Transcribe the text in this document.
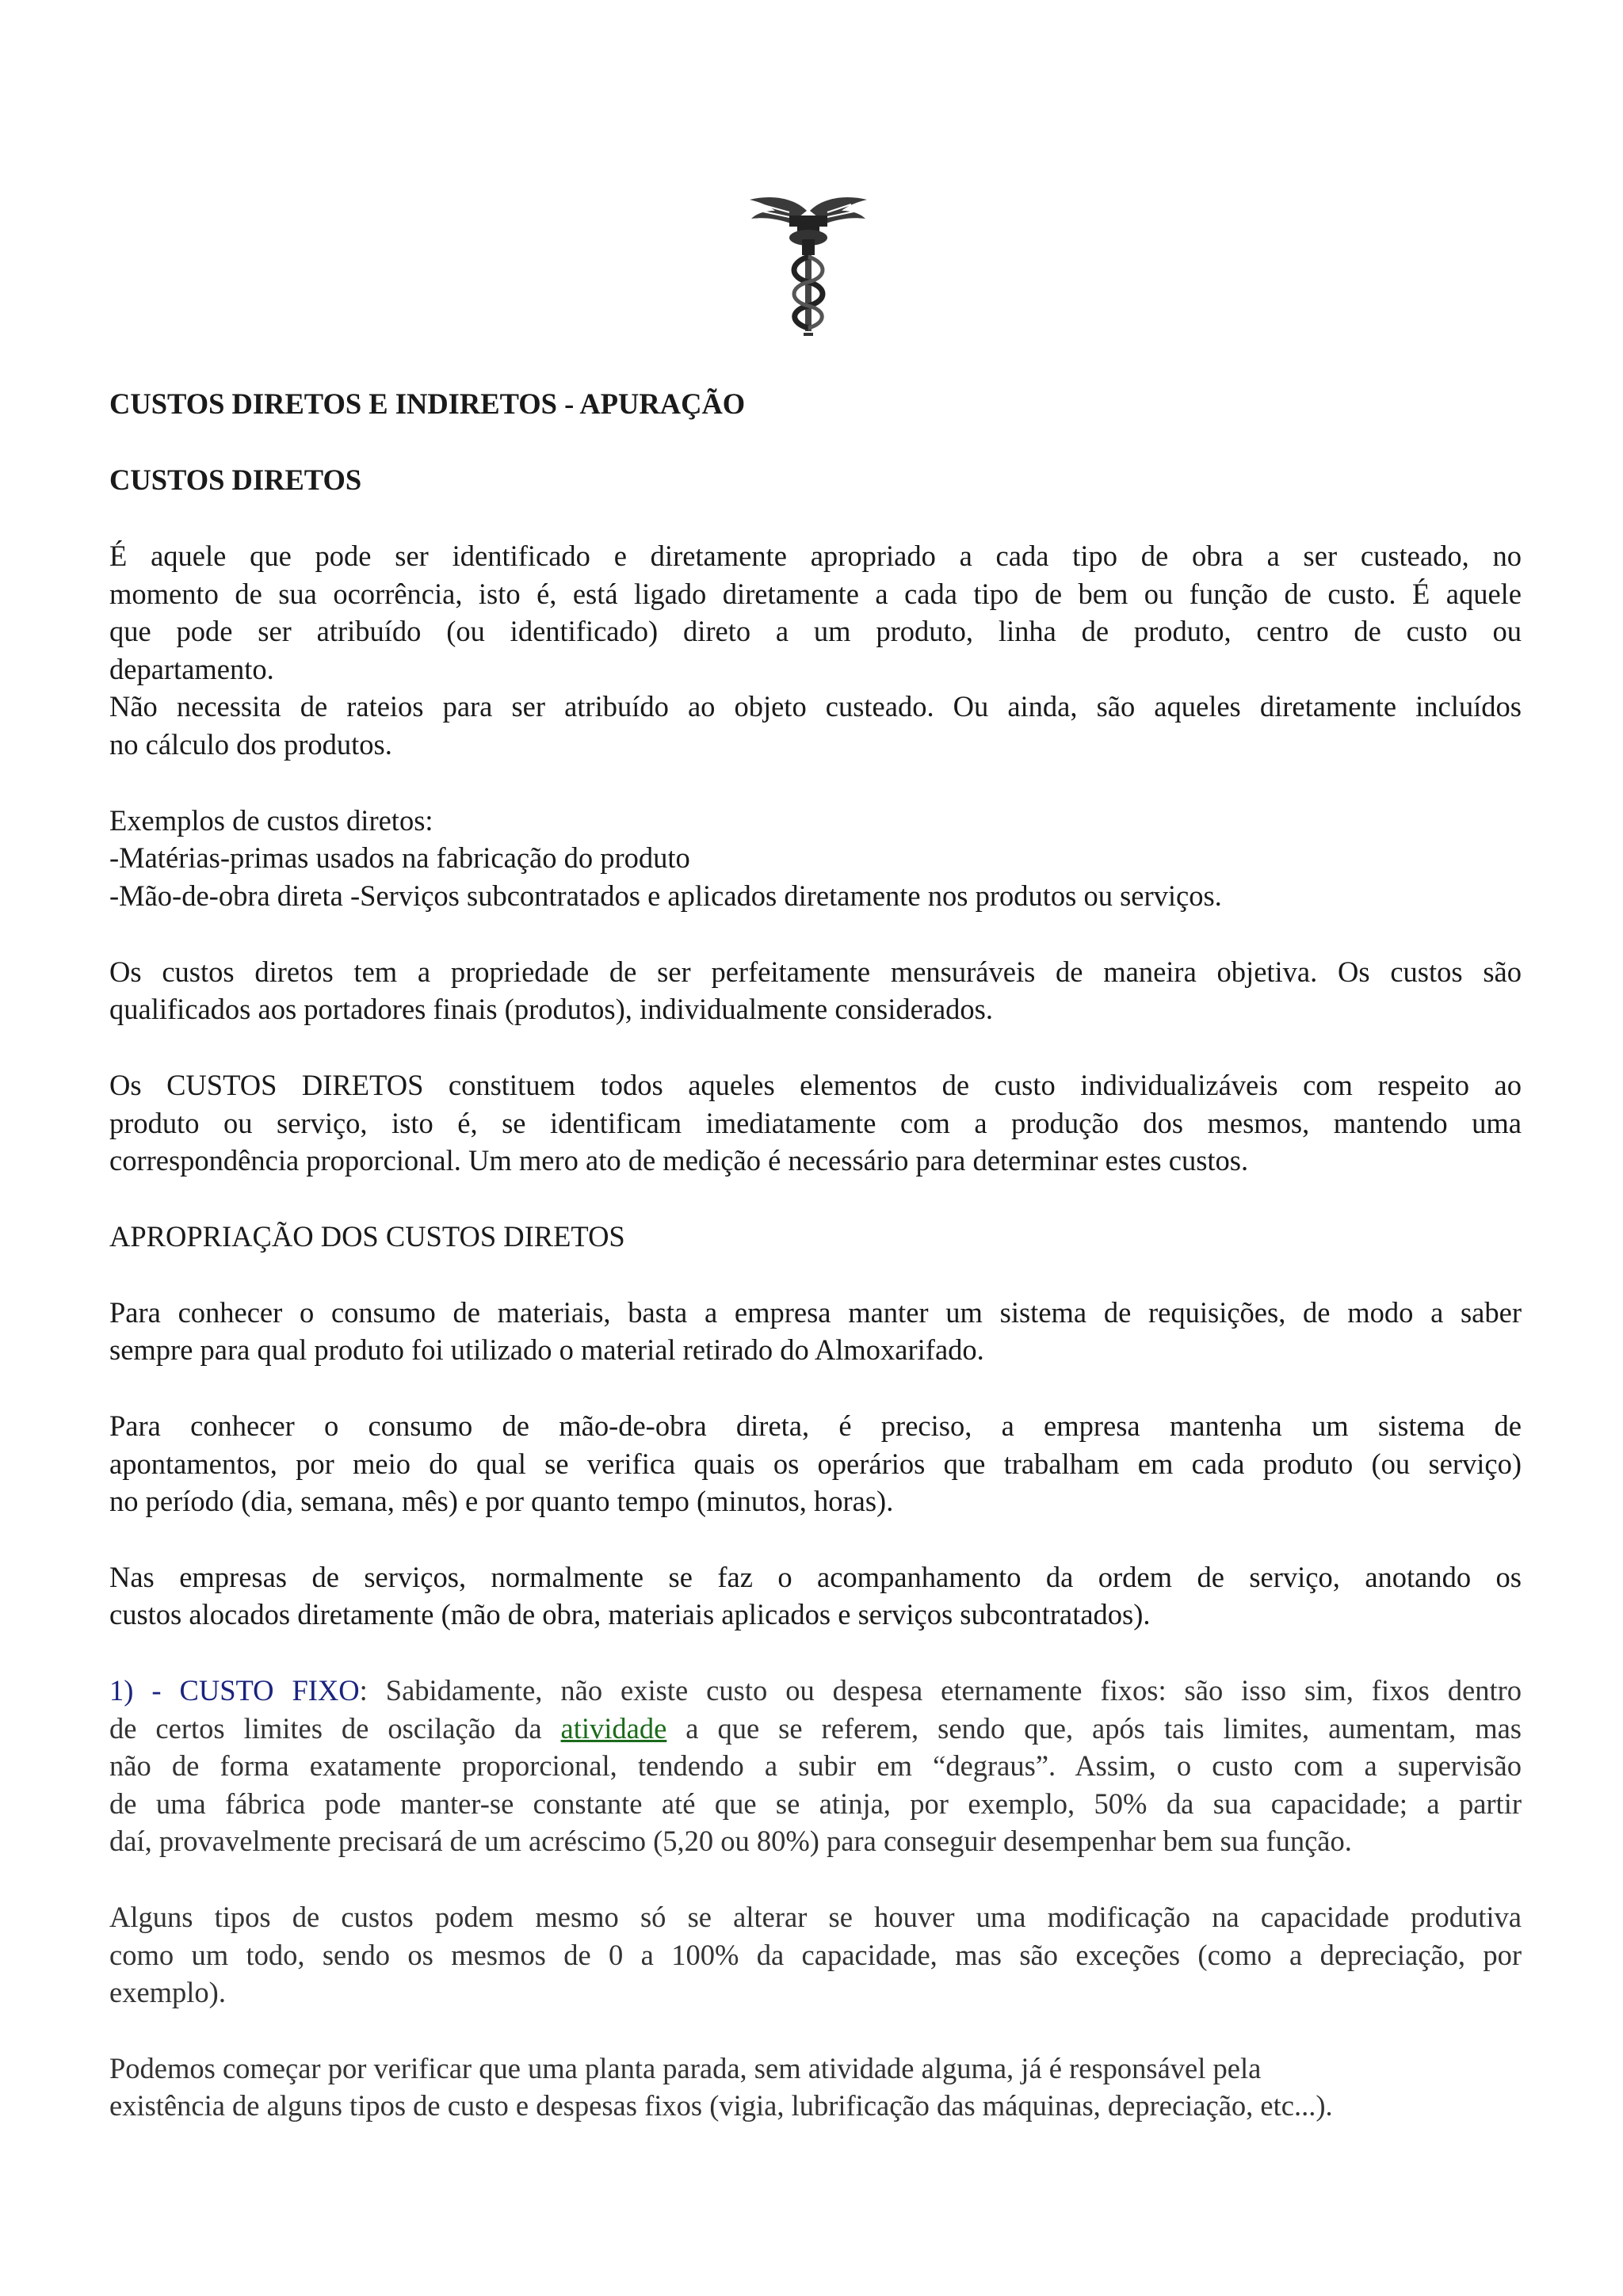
CUSTOS DIRETOS E INDIRETOS - APURAÇÃO

CUSTOS DIRETOS

É aquele que pode ser identificado e diretamente apropriado a cada tipo de obra a ser custeado, no

momento de sua ocorrência, isto é, está ligado diretamente a cada tipo de bem ou função de custo. É aquele

que pode ser atribuído (ou identificado) direto a um produto, linha de produto, centro de custo ou

departamento.

Não necessita de rateios para ser atribuído ao objeto custeado. Ou ainda, são aqueles diretamente incluídos

no cálculo dos produtos.

Exemplos de custos diretos:

-Matérias-primas usados na fabricação do produto

-Mão-de-obra direta -Serviços subcontratados e aplicados diretamente nos produtos ou serviços.

Os custos diretos tem a propriedade de ser perfeitamente mensuráveis de maneira objetiva. Os custos são

qualificados aos portadores finais (produtos), individualmente considerados.

Os CUSTOS DIRETOS constituem todos aqueles elementos de custo individualizáveis com respeito ao

produto ou serviço, isto é, se identificam imediatamente com a produção dos mesmos, mantendo uma

correspondência proporcional. Um mero ato de medição é necessário para determinar estes custos.

APROPRIAÇÃO DOS CUSTOS DIRETOS

Para conhecer o consumo de materiais, basta a empresa manter um sistema de requisições, de modo a saber

sempre para qual produto foi utilizado o material retirado do Almoxarifado.

Para conhecer o consumo de mão-de-obra direta, é preciso, a empresa mantenha um sistema de

apontamentos, por meio do qual se verifica quais os operários que trabalham em cada produto (ou serviço)

no período (dia, semana, mês) e por quanto tempo (minutos, horas).

Nas empresas de serviços, normalmente se faz o acompanhamento da ordem de serviço, anotando os

custos alocados diretamente (mão de obra, materiais aplicados e serviços subcontratados).

1) - CUSTO FIXO: Sabidamente, não existe custo ou despesa eternamente fixos: são isso sim, fixos dentro

de certos limites de oscilação da atividade a que se referem, sendo que, após tais limites, aumentam, mas

não de forma exatamente proporcional, tendendo a subir em “degraus”. Assim, o custo com a supervisão

de uma fábrica pode manter-se constante até que se atinja, por exemplo, 50% da sua capacidade; a partir

daí, provavelmente precisará de um acréscimo (5,20 ou 80%) para conseguir desempenhar bem sua função.

Alguns tipos de custos podem mesmo só se alterar se houver uma modificação na capacidade produtiva

como um todo, sendo os mesmos de 0 a 100% da capacidade, mas são exceções (como a depreciação, por

exemplo).

Podemos começar por verificar que uma planta parada, sem atividade alguma, já é responsável pela

existência de alguns tipos de custo e despesas fixos (vigia, lubrificação das máquinas, depreciação, etc...).
